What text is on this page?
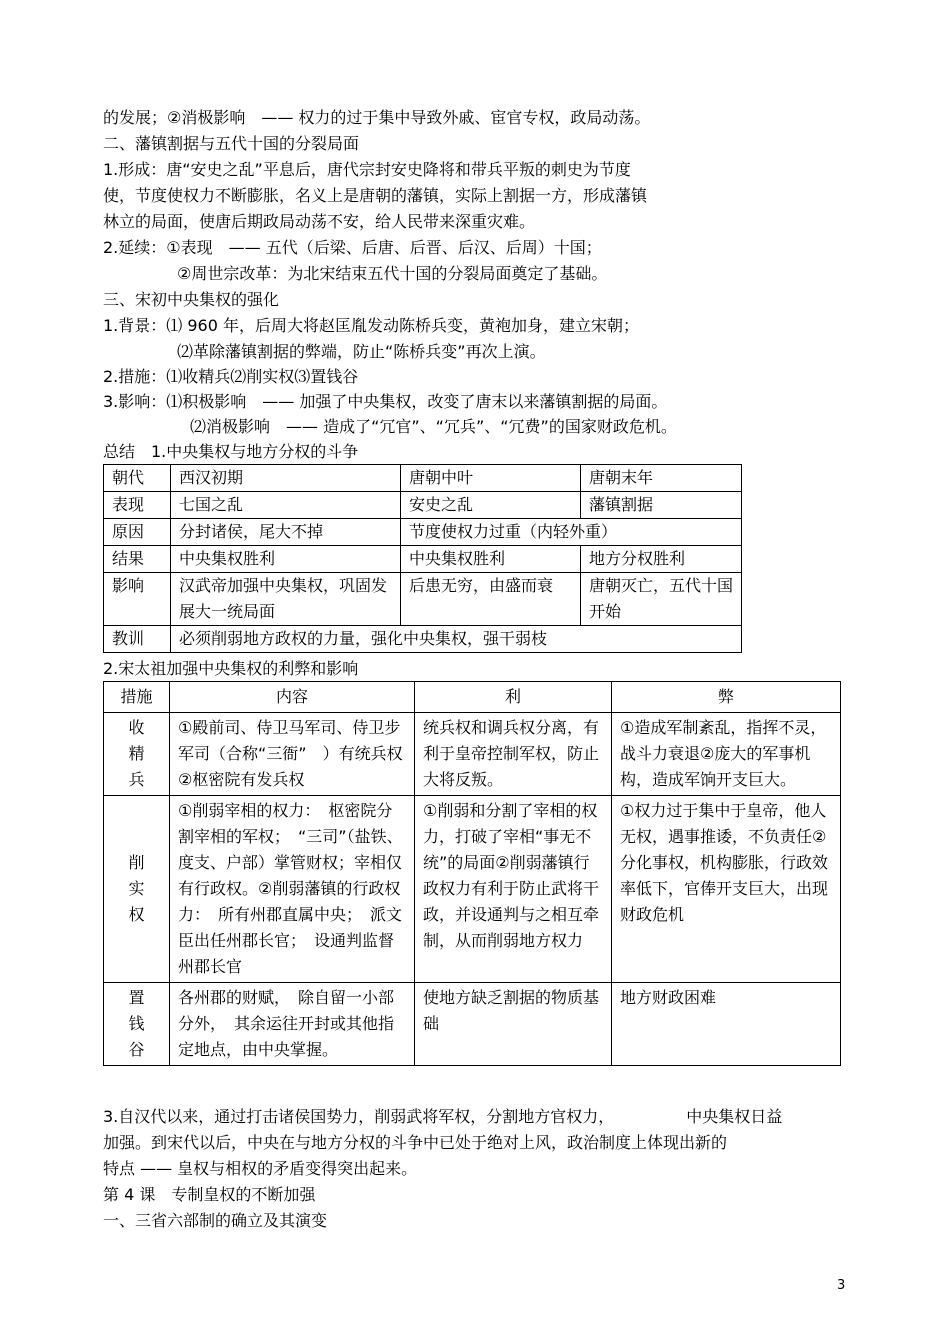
的发展；②消极影响　—— 权力的过于集中导致外戚、宦官专权，政局动荡。
二、藩镇割据与五代十国的分裂局面
1.形成：唐“安史之乱”平息后，唐代宗封安史降将和带兵平叛的刺史为节度
使，节度使权力不断膨胀，名义上是唐朝的藩镇，实际上割据一方，形成藩镇
林立的局面，使唐后期政局动荡不安，给人民带来深重灾难。
2.延续：①表现　—— 五代（后梁、后唐、后晋、后汉、后周）十国；
②周世宗改革：为北宋结束五代十国的分裂局面奠定了基础。
三、宋初中央集权的强化
1.背景：⑴ 960 年，后周大将赵匡胤发动陈桥兵变，黄袍加身，建立宋朝；
⑵革除藩镇割据的弊端，防止“陈桥兵变”再次上演。
2.措施：⑴收精兵⑵削实权⑶置钱谷
3.影响：⑴积极影响　—— 加强了中央集权，改变了唐末以来藩镇割据的局面。
⑵消极影响　—— 造成了“冗官”、“冗兵”、“冗费”的国家财政危机。
总结　1.中央集权与地方分权的斗争
朝代	西汉初期	唐朝中叶	唐朝末年
表现	七国之乱	安史之乱	藩镇割据
原因	分封诸侯，尾大不掉	节度使权力过重（内轻外重）	
结果	中央集权胜利	中央集权胜利	地方分权胜利
影响	汉武帝加强中央集权，巩固发展大一统局面	后患无穷，由盛而衰	唐朝灭亡，五代十国开始
教训	必须削弱地方政权的力量，强化中央集权，强干弱枝		
2.宋太祖加强中央集权的利弊和影响
措施	内容	利	弊

收
精
兵	①殿前司、侍卫马军司、侍卫步军司（合称“三衙”　）有统兵权②枢密院有发兵权	统兵权和调兵权分离，有利于皇帝控制军权，防止大将反叛。	①造成军制紊乱，指挥不灵，战斗力衰退②庞大的军事机构，造成军饷开支巨大。

削
实
权	①削弱宰相的权力：　枢密院分割宰相的军权；　“三司”（盐铁、度支、户部）掌管财权；宰相仅有行政权。②削弱藩镇的行政权力：　所有州郡直属中央；　派文臣出任州郡长官；　设通判监督州郡长官	①削弱和分割了宰相的权力，打破了宰相“事无不统”的局面②削弱藩镇行政权力有利于防止武将干政，并设通判与之相互牵制，从而削弱地方权力	①权力过于集中于皇帝，他人无权，遇事推诿，不负责任②分化事权，机构膨胀，行政效率低下，官俸开支巨大，出现财政危机

置
钱
谷	各州郡的财赋，　除自留一小部分外，　其余运往开封或其他指定地点，由中央掌握。	使地方缺乏割据的物质基础	地方财政困难
3.自汉代以来，通过打击诸侯国势力，削弱武将军权，分割地方官权力，　　　　　中央集权日益
加强。到宋代以后，中央在与地方分权的斗争中已处于绝对上风，政治制度上体现出新的
特点 —— 皇权与相权的矛盾变得突出起来。
第 4 课　专制皇权的不断加强
一、三省六部制的确立及其演变
3
